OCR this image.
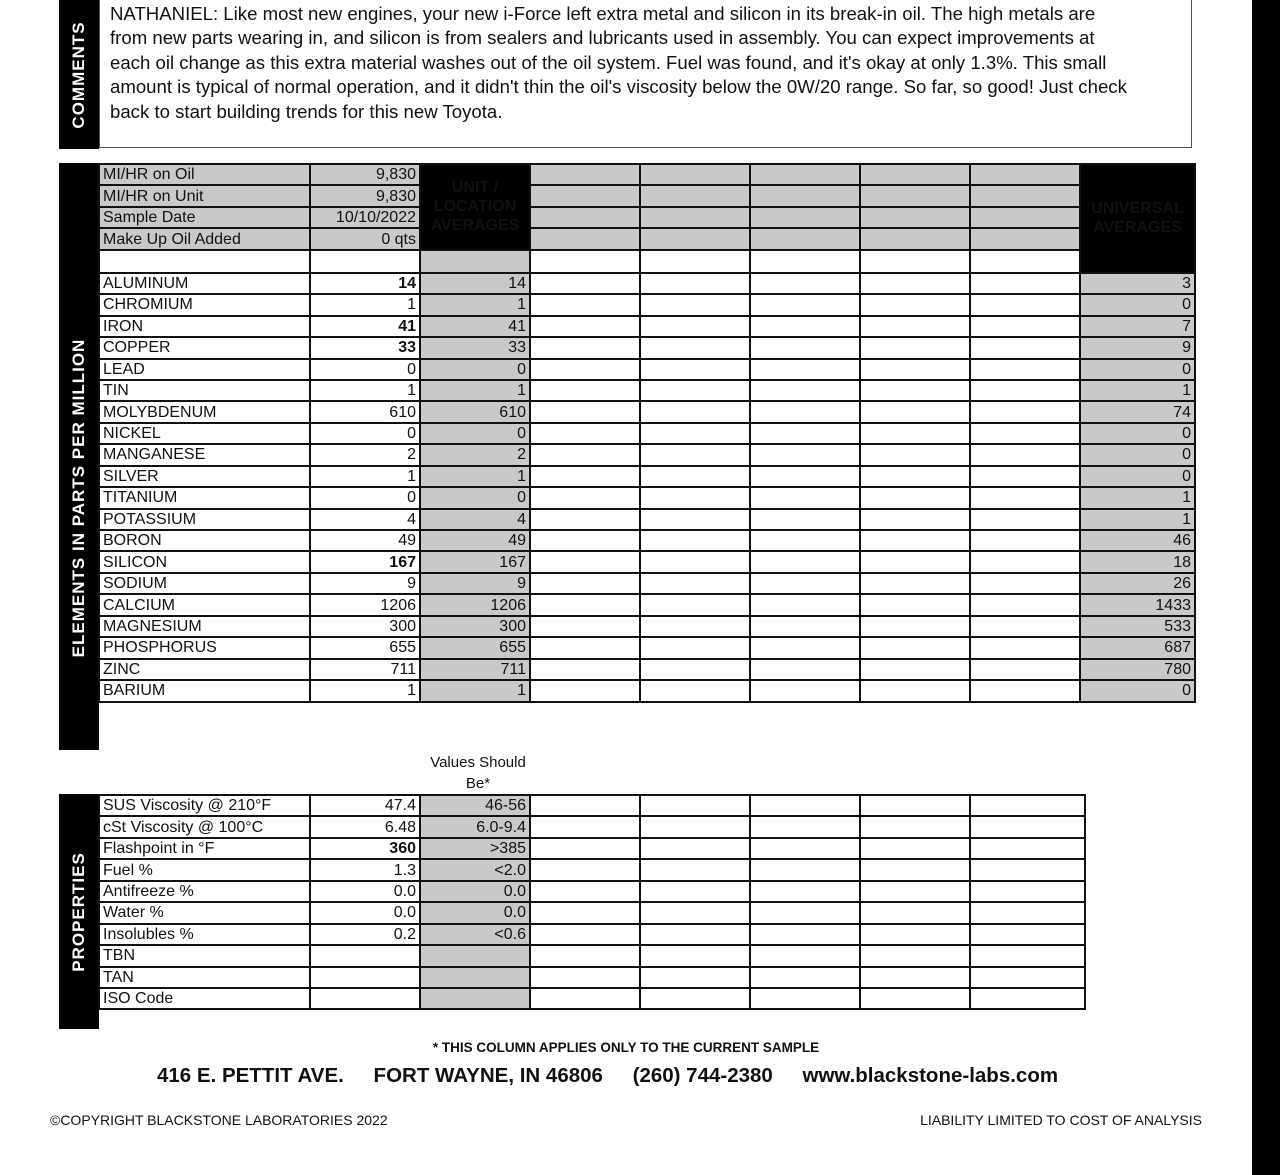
COMMENTS
NATHANIEL: Like most new engines, your new i-Force left extra metal and silicon in its break-in oil. The high metals are from new parts wearing in, and silicon is from sealers and lubricants used in assembly. You can expect improvements at each oil change as this extra material washes out of the oil system. Fuel was found, and it's okay at only 1.3%. This small amount is typical of normal operation, and it didn't thin the oil's viscosity below the 0W/20 range. So far, so good! Just check back to start building trends for this new Toyota.
ELEMENTS IN PARTS PER MILLION
MI/HR on Oil	9,830	UNIT / LOCATION AVERAGES						UNIVERSAL AVERAGES
MI/HR on Unit	9,830							
Sample Date	10/10/2022							
Make Up Oil Added	0 qts							

ALUMINUM	14	14						3
CHROMIUM	1	1						0
IRON	41	41						7
COPPER	33	33						9
LEAD	0	0						0
TIN	1	1						1
MOLYBDENUM	610	610						74
NICKEL	0	0						0
MANGANESE	2	2						0
SILVER	1	1						0
TITANIUM	0	0						1
POTASSIUM	4	4						1
BORON	49	49						46
SILICON	167	167						18
SODIUM	9	9						26
CALCIUM	1206	1206						1433
MAGNESIUM	300	300						533
PHOSPHORUS	655	655						687
ZINC	711	711						780
BARIUM	1	1						0
Values Should Be*
PROPERTIES
SUS Viscosity @ 210°F	47.4	46-56					
cSt Viscosity @ 100°C	6.48	6.0-9.4					
Flashpoint in °F	360	>385					
Fuel %	1.3	<2.0					
Antifreeze %	0.0	0.0					
Water %	0.0	0.0					
Insolubles %	0.2	<0.6					
TBN							
TAN							
ISO Code							
* THIS COLUMN APPLIES ONLY TO THE CURRENT SAMPLE
416 E. PETTIT AVE. FORT WAYNE, IN 46806 (260) 744-2380 www.blackstone-labs.com
©COPYRIGHT BLACKSTONE LABORATORIES 2022	LIABILITY LIMITED TO COST OF ANALYSIS
